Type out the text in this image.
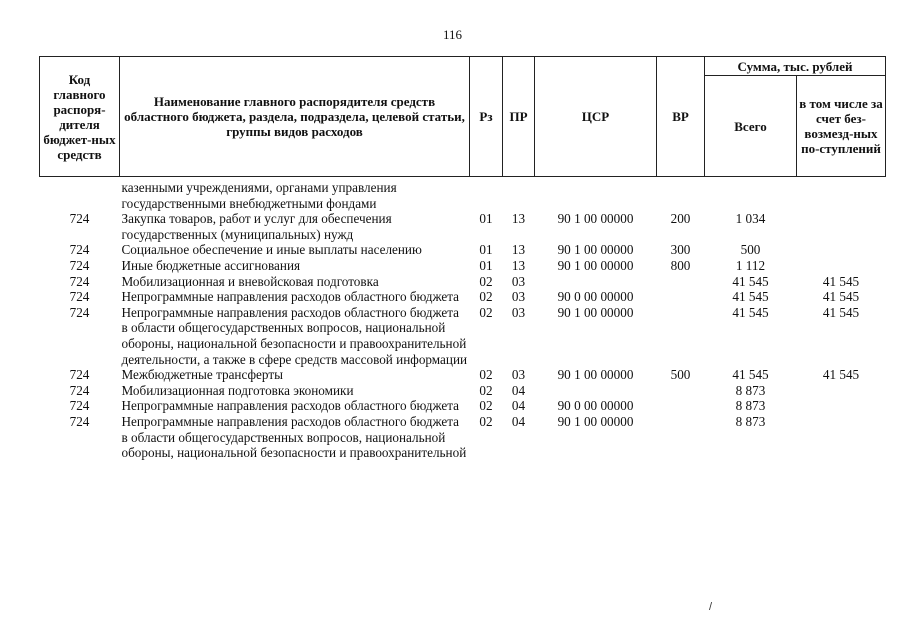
116
Код главного распоря-дителя бюджет-ных средств	Наименование главного распорядителя средств областного бюджета, раздела, подраздела, целевой статьи, группы видов расходов	Рз	ПР	ЦСР	ВР	Сумма, тыс. рублей	
						Всего	в том числе за счет без-возмезд-ных по-ступлений
	казенными учреждениями, органами управления государственными внебюджетными фондами						
724	Закупка товаров, работ и услуг для обеспечения государственных (муниципальных) нужд	01	13	90 1 00 00000	200	1 034	
724	Социальное обеспечение и иные выплаты населению	01	13	90 1 00 00000	300	500	
724	Иные бюджетные ассигнования	01	13	90 1 00 00000	800	1 112	
724	Мобилизационная и вневойсковая подготовка	02	03			41 545	41 545
724	Непрограммные направления расходов областного бюджета	02	03	90 0 00 00000		41 545	41 545
724	Непрограммные направления расходов областного бюджета в области общегосударственных вопросов, национальной обороны, национальной безопасности и правоохранительной деятельности, а также в сфере средств массовой информации	02	03	90 1 00 00000		41 545	41 545
724	Межбюджетные трансферты	02	03	90 1 00 00000	500	41 545	41 545
724	Мобилизационная подготовка экономики	02	04			8 873	
724	Непрограммные направления расходов областного бюджета	02	04	90 0 00 00000		8 873	
724	Непрограммные направления расходов областного бюджета в области общегосударственных вопросов, национальной обороны, национальной безопасности и правоохранительной	02	04	90 1 00 00000		8 873	
/
